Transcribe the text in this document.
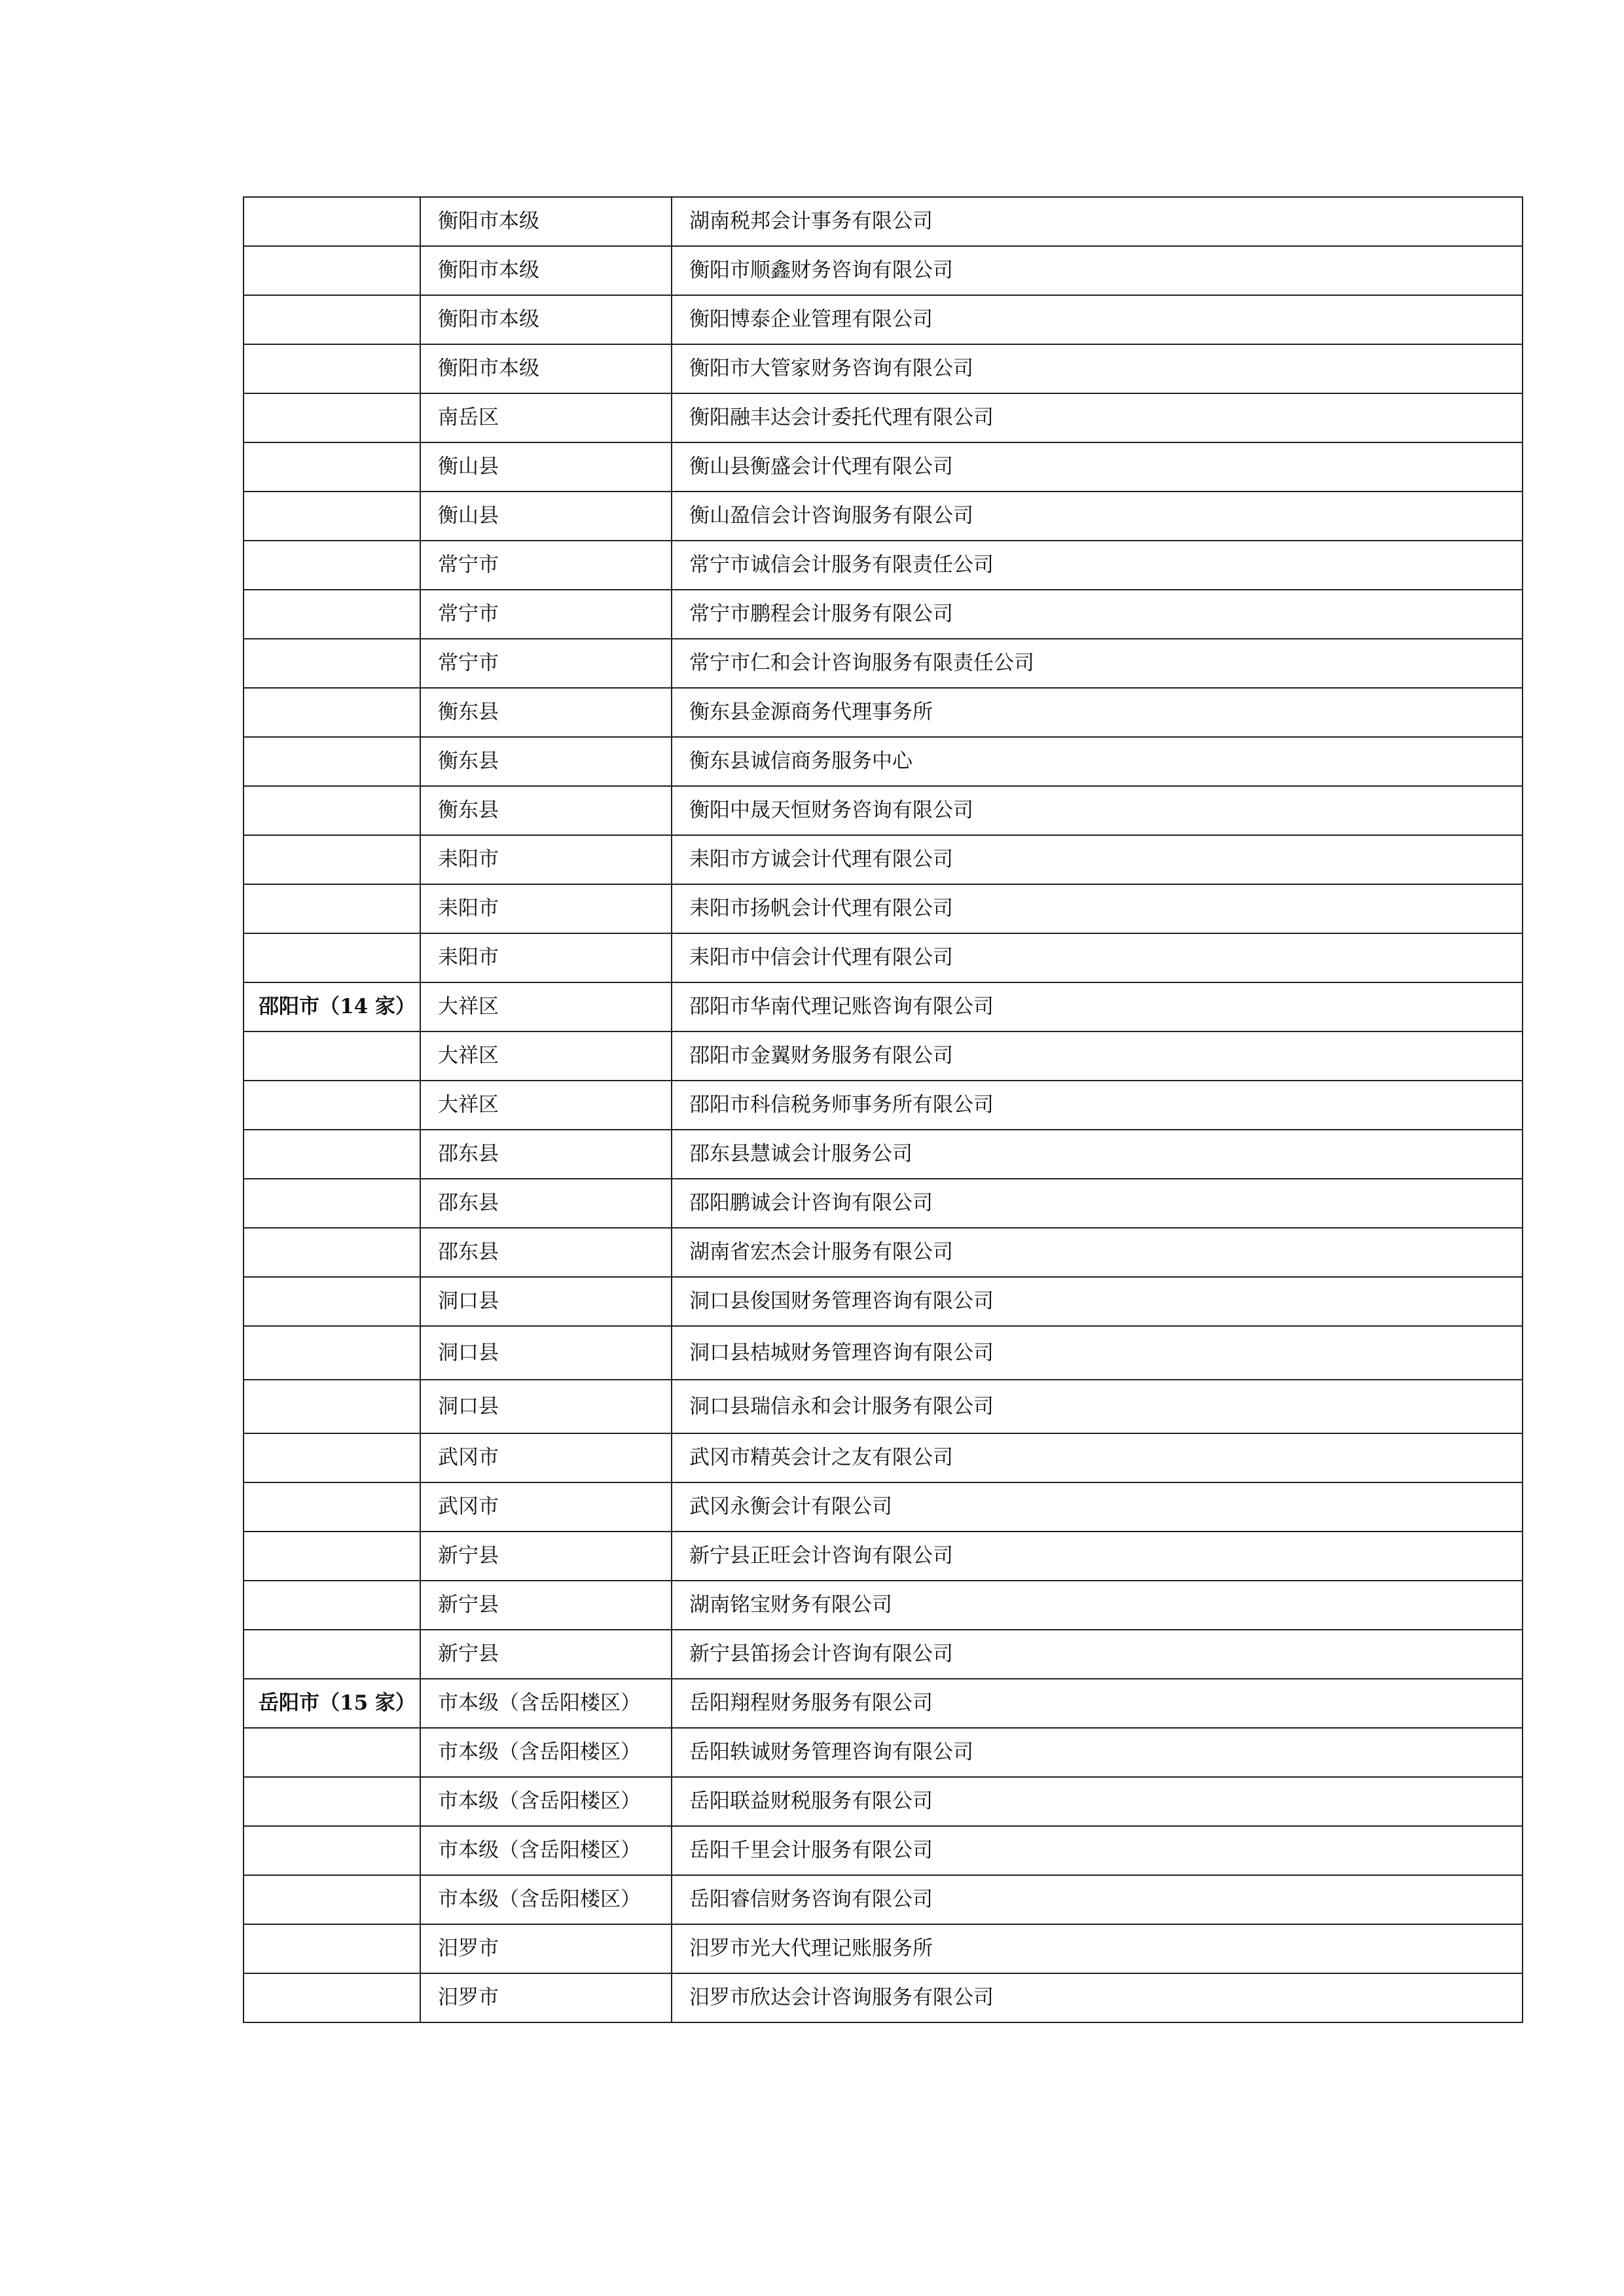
	衡阳市本级	湖南税邦会计事务有限公司
	衡阳市本级	衡阳市顺鑫财务咨询有限公司
	衡阳市本级	衡阳博泰企业管理有限公司
	衡阳市本级	衡阳市大管家财务咨询有限公司
	南岳区	衡阳融丰达会计委托代理有限公司
	衡山县	衡山县衡盛会计代理有限公司
	衡山县	衡山盈信会计咨询服务有限公司
	常宁市	常宁市诚信会计服务有限责任公司
	常宁市	常宁市鹏程会计服务有限公司
	常宁市	常宁市仁和会计咨询服务有限责任公司
	衡东县	衡东县金源商务代理事务所
	衡东县	衡东县诚信商务服务中心
	衡东县	衡阳中晟天恒财务咨询有限公司
	耒阳市	耒阳市方诚会计代理有限公司
	耒阳市	耒阳市扬帆会计代理有限公司
	耒阳市	耒阳市中信会计代理有限公司
邵阳市（14 家）	大祥区	邵阳市华南代理记账咨询有限公司
	大祥区	邵阳市金翼财务服务有限公司
	大祥区	邵阳市科信税务师事务所有限公司
	邵东县	邵东县慧诚会计服务公司
	邵东县	邵阳鹏诚会计咨询有限公司
	邵东县	湖南省宏杰会计服务有限公司
	洞口县	洞口县俊国财务管理咨询有限公司
	洞口县	洞口县桔城财务管理咨询有限公司
	洞口县	洞口县瑞信永和会计服务有限公司
	武冈市	武冈市精英会计之友有限公司
	武冈市	武冈永衡会计有限公司
	新宁县	新宁县正旺会计咨询有限公司
	新宁县	湖南铭宝财务有限公司
	新宁县	新宁县笛扬会计咨询有限公司
岳阳市（15 家）	市本级（含岳阳楼区）	岳阳翔程财务服务有限公司
	市本级（含岳阳楼区）	岳阳轶诚财务管理咨询有限公司
	市本级（含岳阳楼区）	岳阳联益财税服务有限公司
	市本级（含岳阳楼区）	岳阳千里会计服务有限公司
	市本级（含岳阳楼区）	岳阳睿信财务咨询有限公司
	汨罗市	汨罗市光大代理记账服务所
	汨罗市	汨罗市欣达会计咨询服务有限公司
